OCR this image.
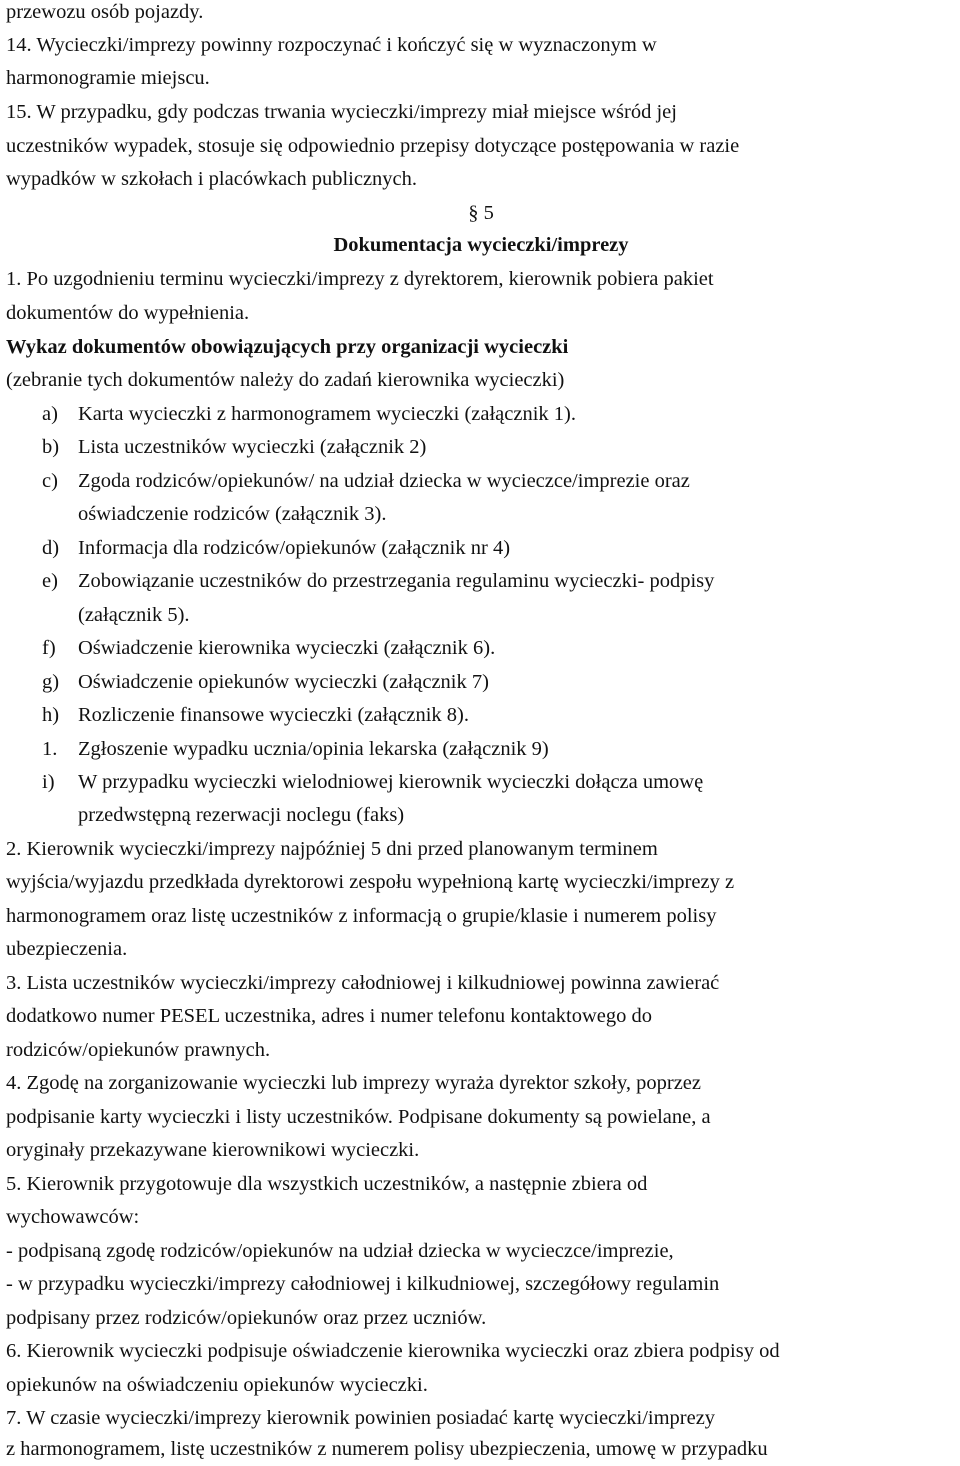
przewozu osób pojazdy.
14. Wycieczki/imprezy powinny rozpoczynać i kończyć się w wyznaczonym w
harmonogramie miejscu.
15. W przypadku, gdy podczas trwania wycieczki/imprezy miał miejsce wśród jej
uczestników wypadek, stosuje się odpowiednio przepisy dotyczące postępowania w razie
wypadków w szkołach i placówkach publicznych.
§ 5
Dokumentacja wycieczki/imprezy
1. Po uzgodnieniu terminu wycieczki/imprezy z dyrektorem, kierownik pobiera pakiet
dokumentów do wypełnienia.
Wykaz dokumentów obowiązujących przy organizacji wycieczki
(zebranie tych dokumentów należy do zadań kierownika wycieczki)
a) Karta wycieczki z harmonogramem wycieczki (załącznik 1).
b) Lista uczestników wycieczki (załącznik 2)
c) Zgoda rodziców/opiekunów/ na udział dziecka w wycieczce/imprezie oraz
oświadczenie rodziców (załącznik 3).
d) Informacja dla rodziców/opiekunów (załącznik nr 4)
e) Zobowiązanie uczestników do przestrzegania regulaminu wycieczki- podpisy
(załącznik 5).
f) Oświadczenie kierownika wycieczki (załącznik 6).
g) Oświadczenie opiekunów wycieczki (załącznik 7)
h) Rozliczenie finansowe wycieczki (załącznik 8).
1. Zgłoszenie wypadku ucznia/opinia lekarska (załącznik 9)
i) W przypadku wycieczki wielodniowej kierownik wycieczki dołącza umowę
przedwstępną rezerwacji noclegu (faks)
2. Kierownik wycieczki/imprezy najpóźniej 5 dni przed planowanym terminem
wyjścia/wyjazdu przedkłada dyrektorowi zespołu wypełnioną kartę wycieczki/imprezy z
harmonogramem oraz listę uczestników z informacją o grupie/klasie i numerem polisy
ubezpieczenia.
3. Lista uczestników wycieczki/imprezy całodniowej i kilkudniowej powinna zawierać
dodatkowo numer PESEL uczestnika, adres i numer telefonu kontaktowego do
rodziców/opiekunów prawnych.
4. Zgodę na zorganizowanie wycieczki lub imprezy wyraża dyrektor szkoły, poprzez
podpisanie karty wycieczki i listy uczestników. Podpisane dokumenty są powielane, a
oryginały przekazywane kierownikowi wycieczki.
5. Kierownik przygotowuje dla wszystkich uczestników, a następnie zbiera od
wychowawców:
- podpisaną zgodę rodziców/opiekunów na udział dziecka w wycieczce/imprezie,
- w przypadku wycieczki/imprezy całodniowej i kilkudniowej, szczegółowy regulamin
podpisany przez rodziców/opiekunów oraz przez uczniów.
6. Kierownik wycieczki podpisuje oświadczenie kierownika wycieczki oraz zbiera podpisy od
opiekunów na oświadczeniu opiekunów wycieczki.
7. W czasie wycieczki/imprezy kierownik powinien posiadać kartę wycieczki/imprezy
z harmonogramem, listę uczestników z numerem polisy ubezpieczenia, umowę w przypadku
